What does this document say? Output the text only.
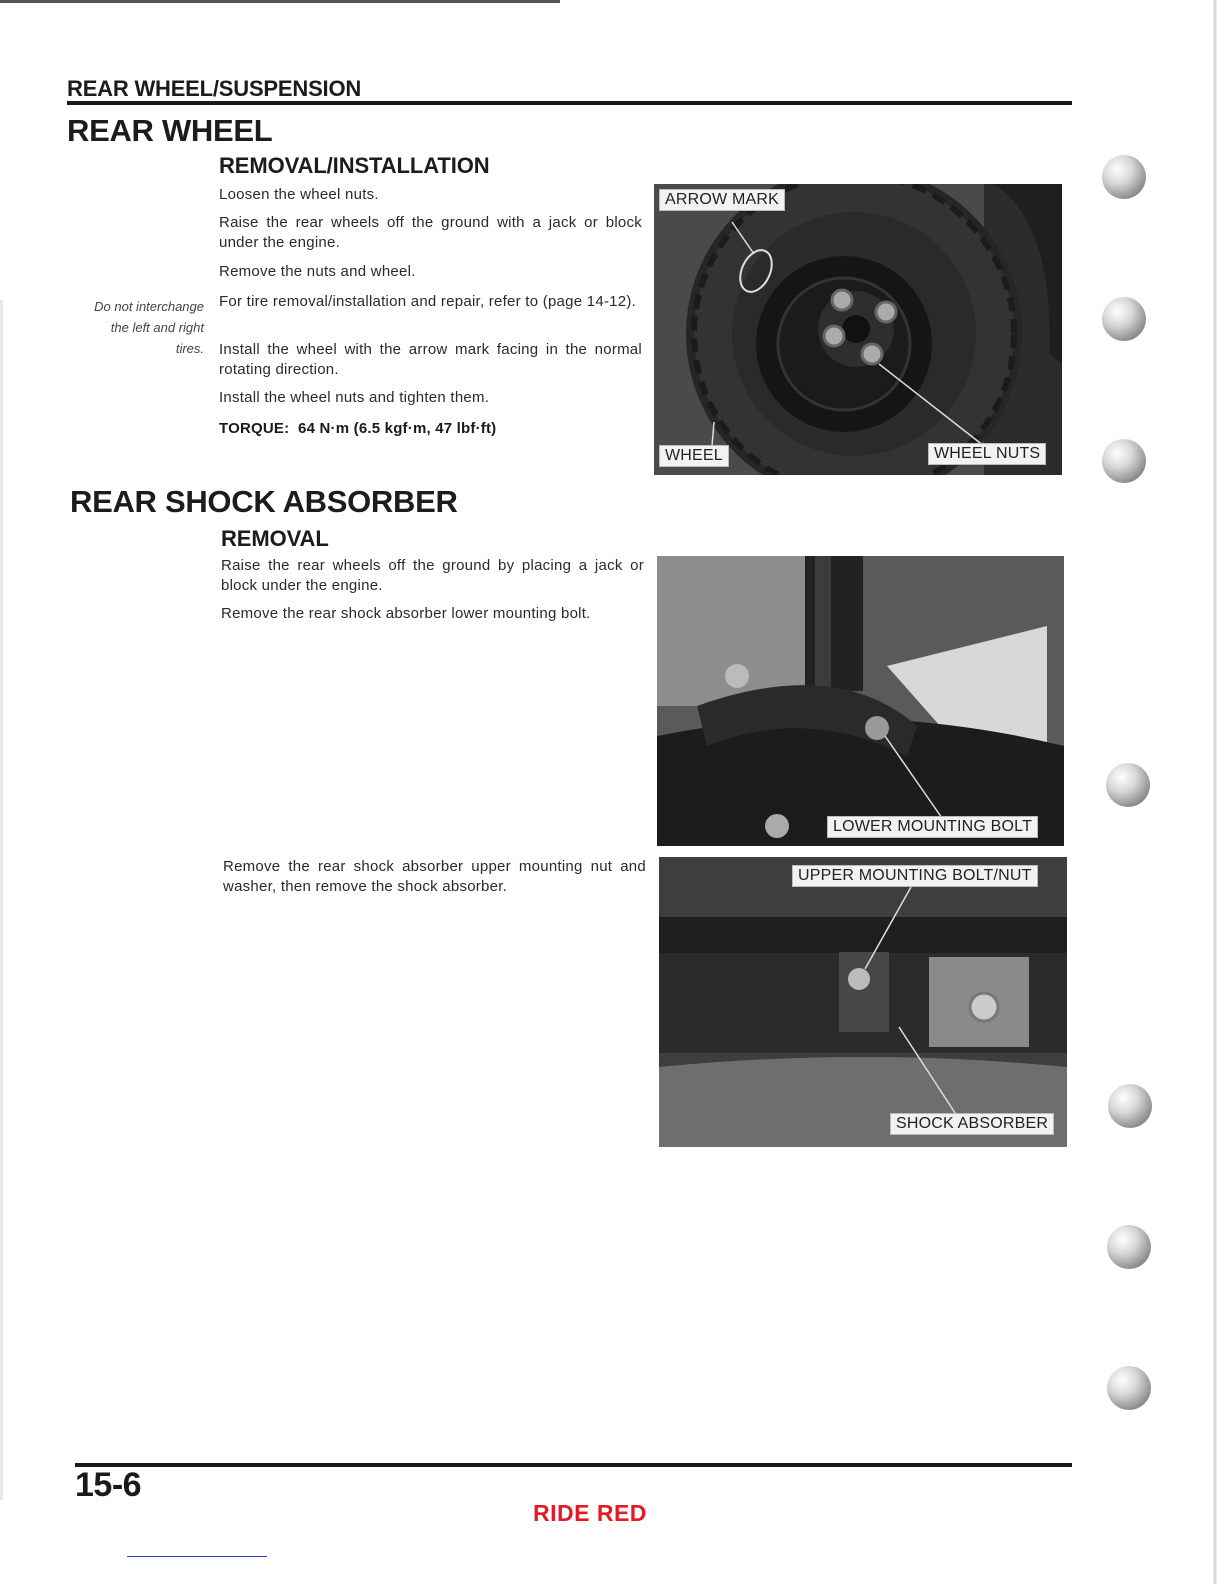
REAR WHEEL/SUSPENSION
REAR WHEEL
REMOVAL/INSTALLATION
Loosen the wheel nuts.
Raise the rear wheels off the ground with a jack or block under the engine.
Remove the nuts and wheel.
For tire removal/installation and repair, refer to (page 14-12).
Install the wheel with the arrow mark facing in the normal rotating direction.
Install the wheel nuts and tighten them.
TORQUE: 64 N·m (6.5 kgf·m, 47 lbf·ft)
Do not interchange
the left and right
tires.
ARROW MARK
WHEEL	WHEEL NUTS
REAR SHOCK ABSORBER
REMOVAL
Raise the rear wheels off the ground by placing a jack or block under the engine.
Remove the rear shock absorber lower mounting bolt.
Remove the rear shock absorber upper mounting nut and washer, then remove the shock absorber.
LOWER MOUNTING BOLT
UPPER MOUNTING BOLT/NUT
SHOCK ABSORBER
15-6
RIDE RED
